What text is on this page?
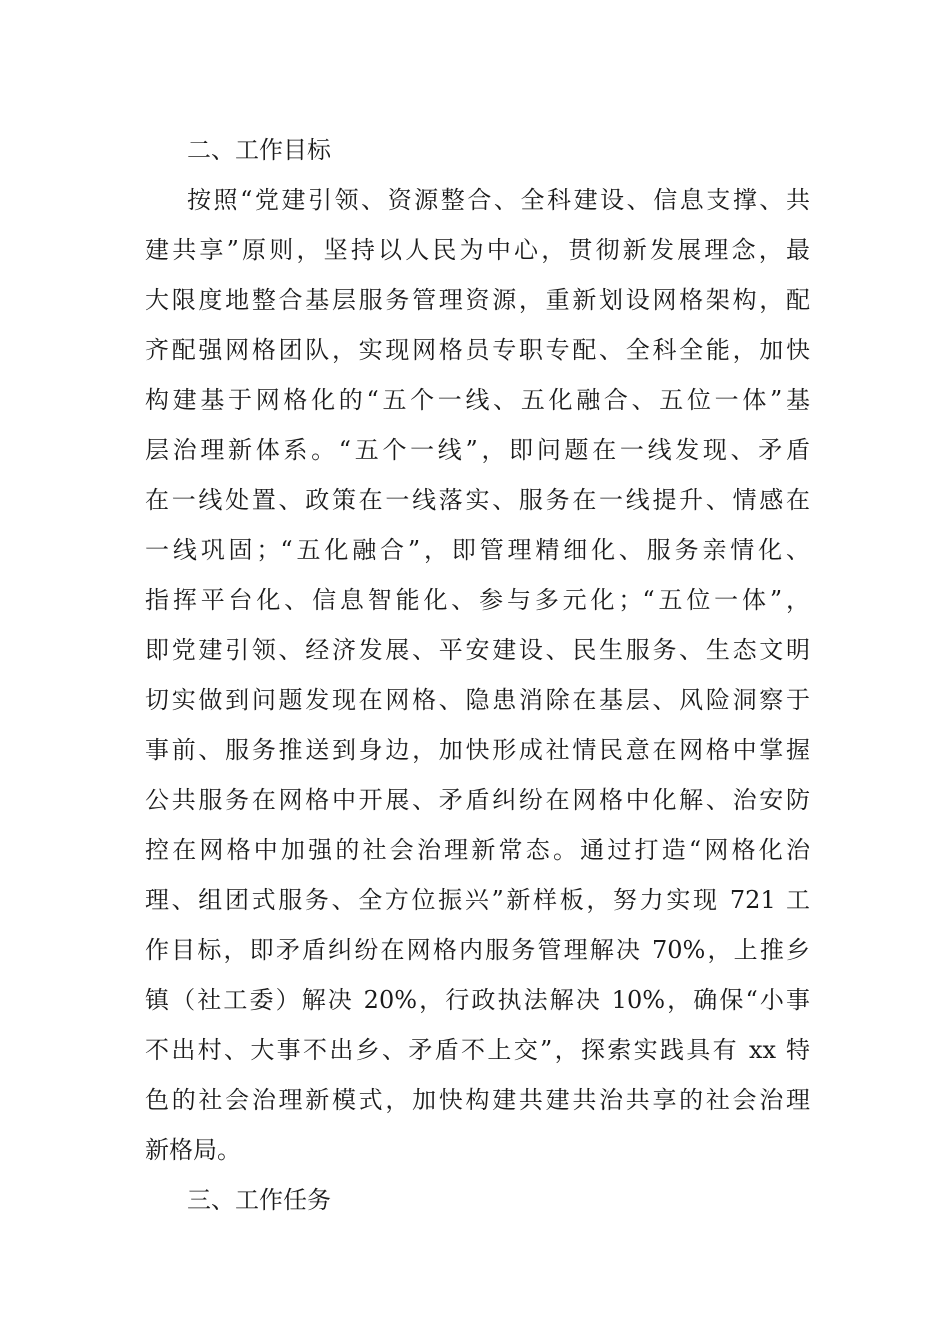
二、工作目标
按照“党建引领、资源整合、全科建设、信息支撑、共
建共享”原则，坚持以人民为中心，贯彻新发展理念，最
大限度地整合基层服务管理资源，重新划设网格架构，配
齐配强网格团队，实现网格员专职专配、全科全能，加快
构建基于网格化的“五个一线、五化融合、五位一体”基
层治理新体系。“五个一线”，即问题在一线发现、矛盾
在一线处置、政策在一线落实、服务在一线提升、情感在
一线巩固；“五化融合”，即管理精细化、服务亲情化、
指挥平台化、信息智能化、参与多元化；“五位一体”，
即党建引领、经济发展、平安建设、民生服务、生态文明
切实做到问题发现在网格、隐患消除在基层、风险洞察于
事前、服务推送到身边，加快形成社情民意在网格中掌握
公共服务在网格中开展、矛盾纠纷在网格中化解、治安防
控在网格中加强的社会治理新常态。通过打造“网格化治
理、组团式服务、全方位振兴”新样板，努力实现 721 工
作目标，即矛盾纠纷在网格内服务管理解决 70%，上推乡
镇（社工委）解决 20%，行政执法解决 10%，确保“小事
不出村、大事不出乡、矛盾不上交”，探索实践具有 xx 特
色的社会治理新模式，加快构建共建共治共享的社会治理
新格局。
三、工作任务
